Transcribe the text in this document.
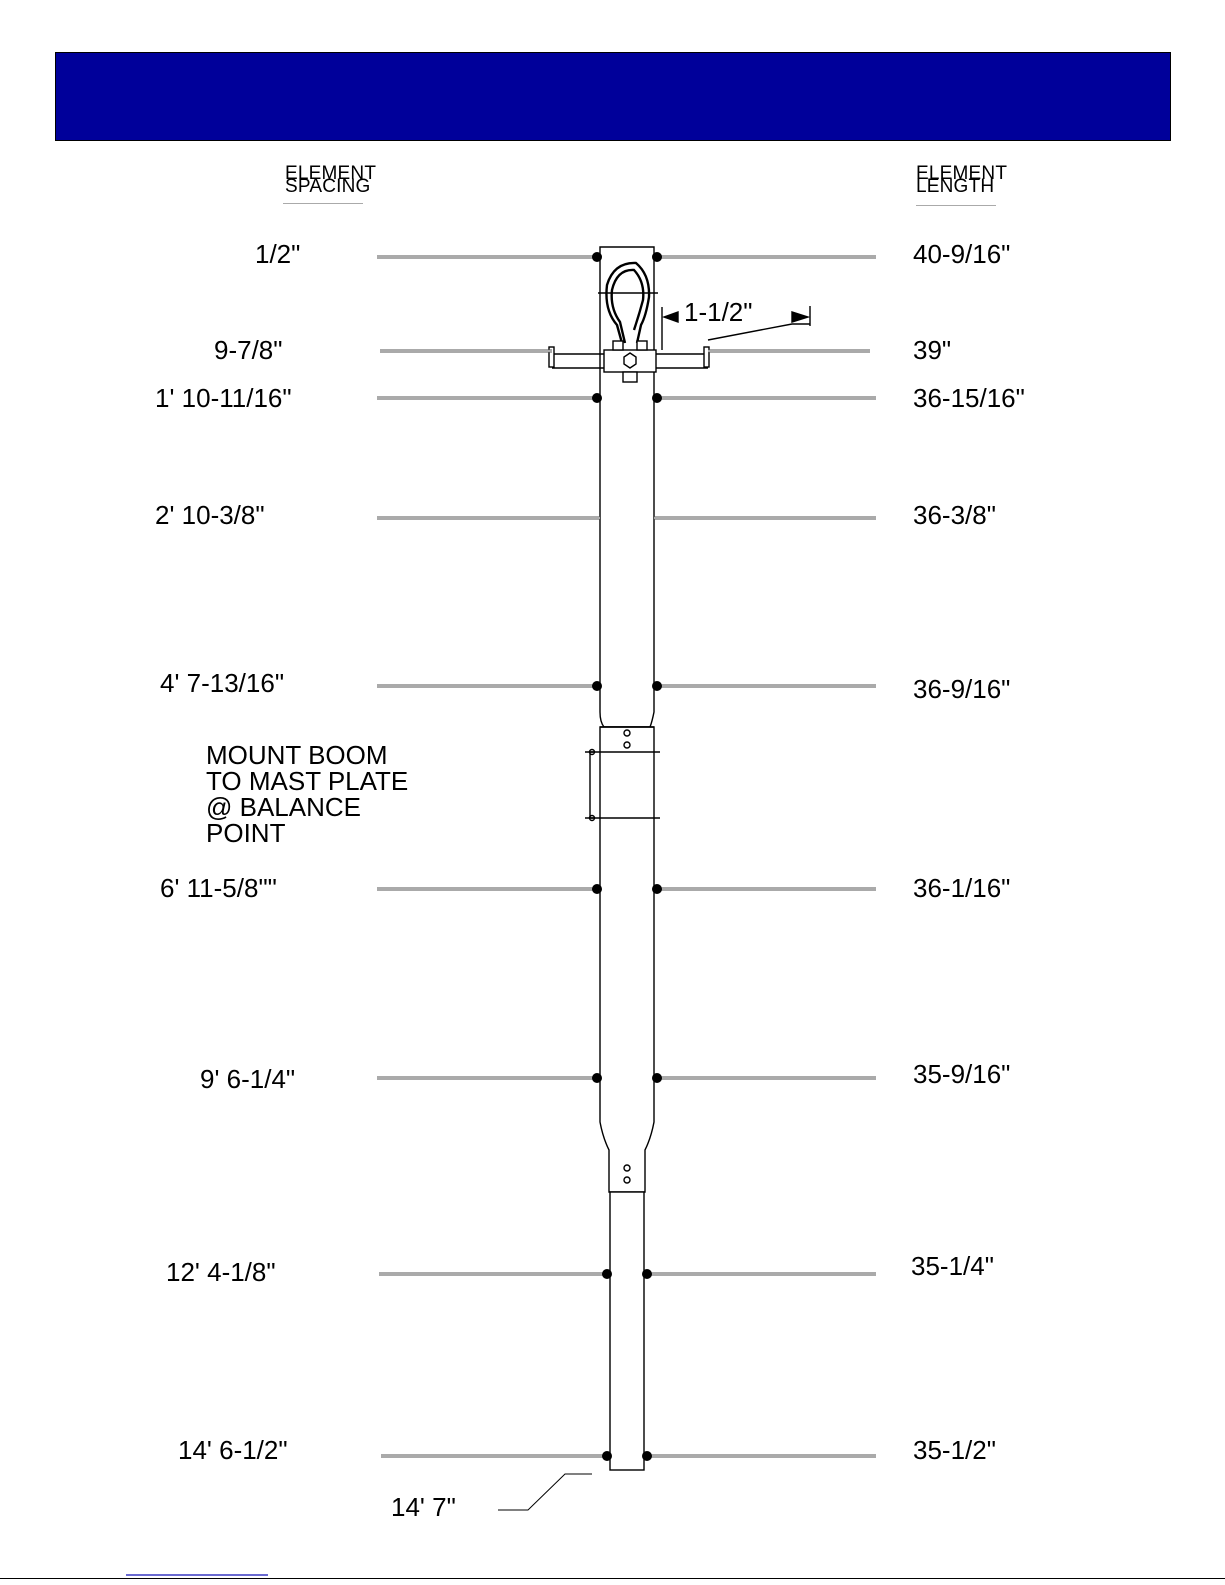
ELEMENT
SPACING
ELEMENT
LENGTH
1/2"
9-7/8"
1' 10-11/16"
2' 10-3/8"
4' 7-13/16"
6' 11-5/8""
9' 6-1/4"
12' 4-1/8"
14' 6-1/2"
40-9/16"
39"
36-15/16"
36-3/8"
36-9/16"
36-1/16"
35-9/16"
35-1/4"
35-1/2"
1-1/2"
MOUNT BOOM
TO MAST PLATE
@ BALANCE
POINT
14' 7"
